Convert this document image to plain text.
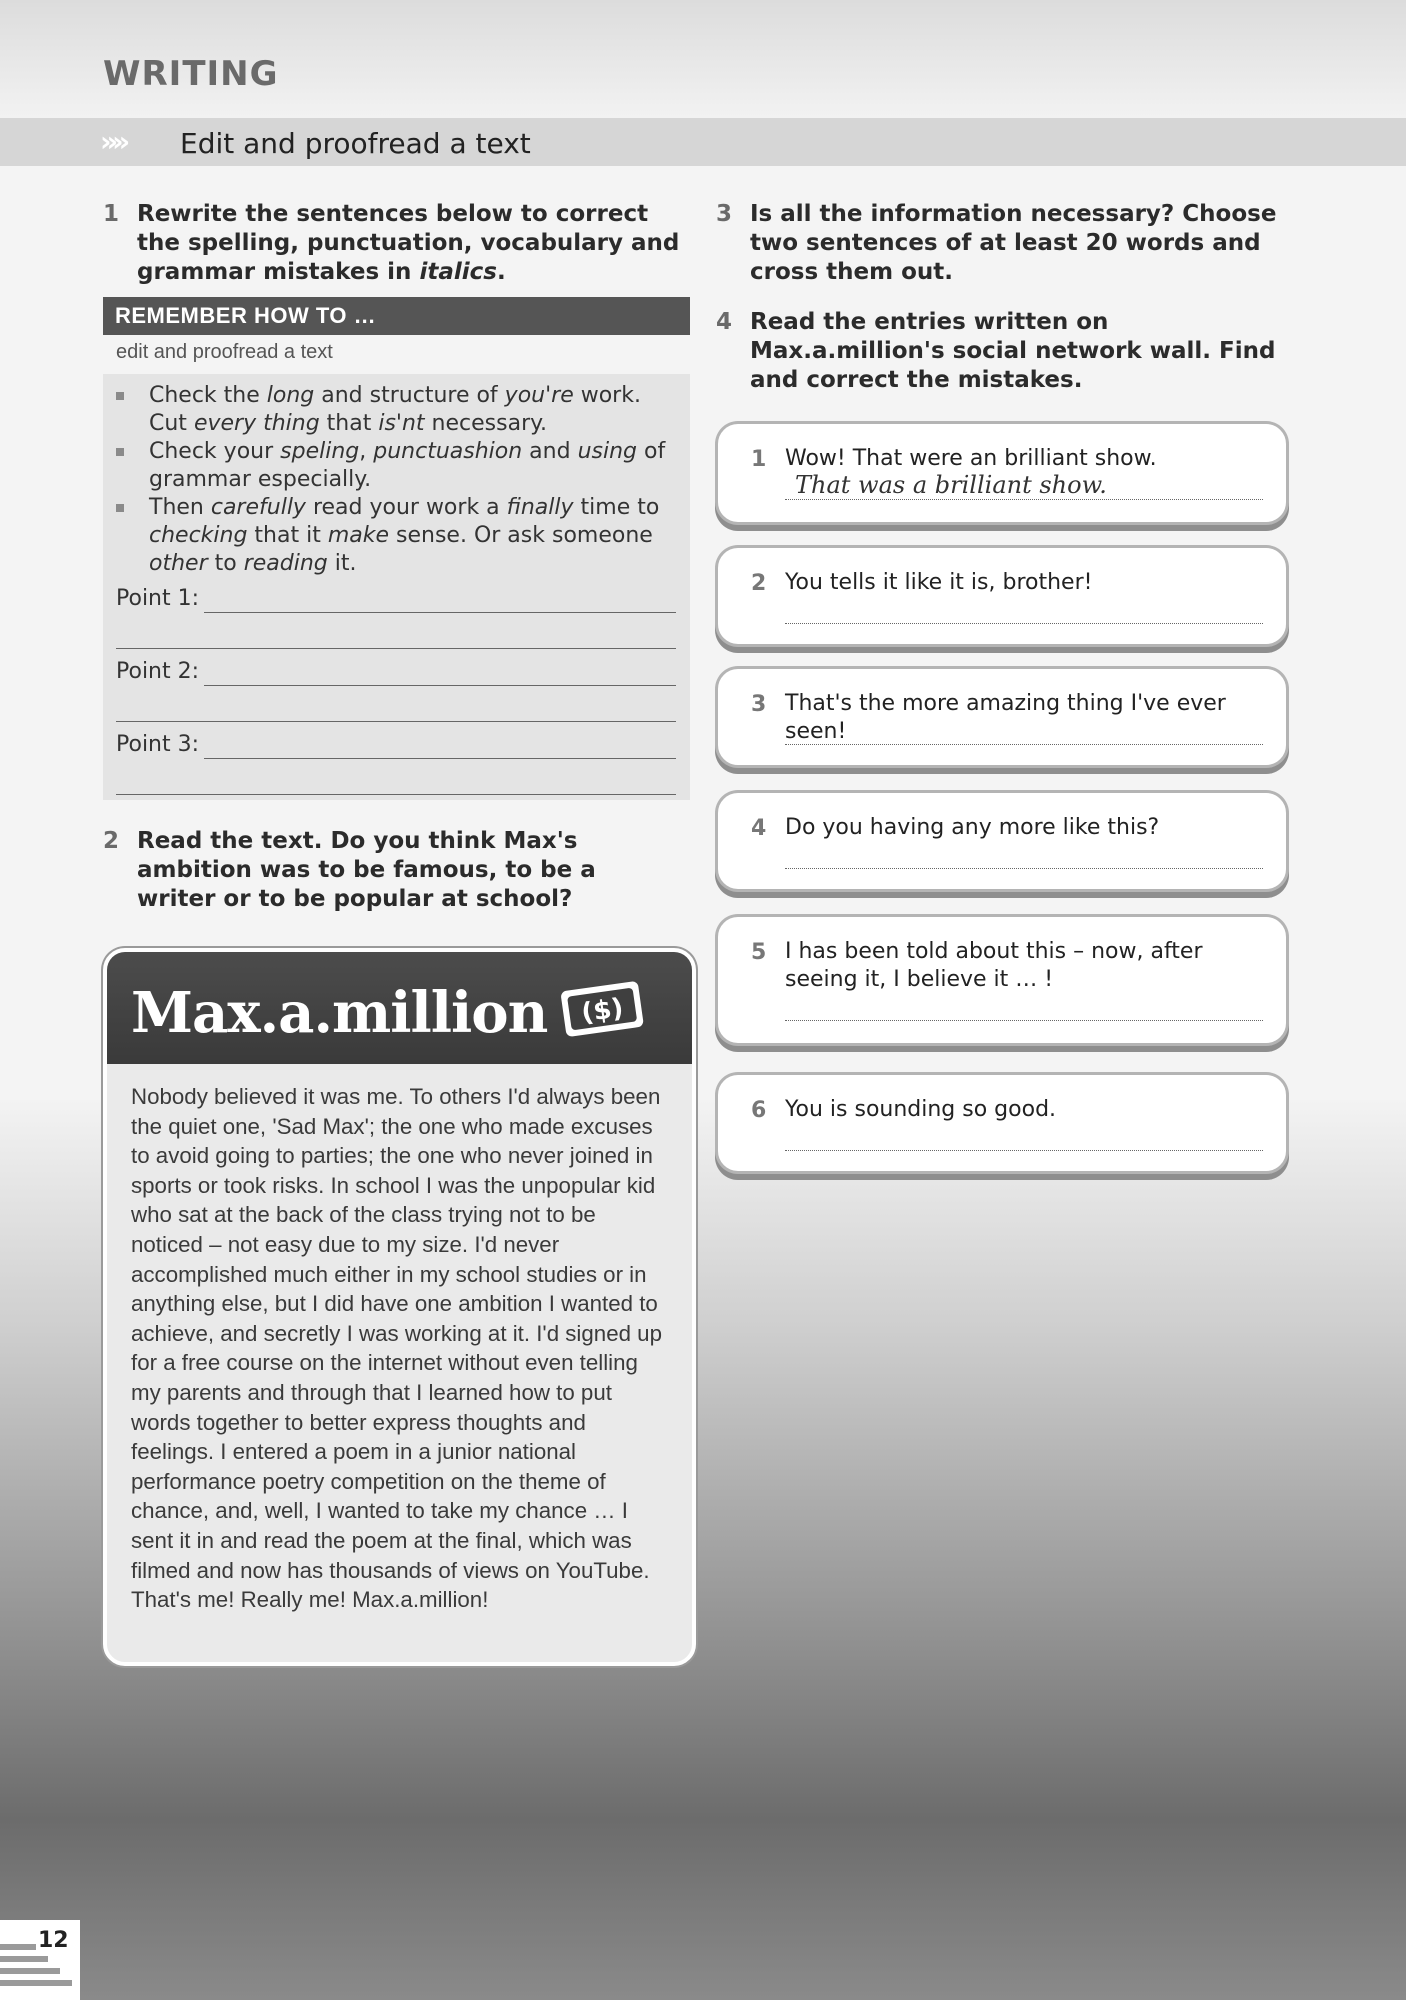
WRITING
»» Edit and proofread a text
1 Rewrite the sentences below to correct the spelling, punctuation, vocabulary and grammar mistakes in italics.
REMEMBER HOW TO …
edit and proofread a text
Check the long and structure of you're work. Cut every thing that is'nt necessary.
Check your speling, punctuashion and using of grammar especially.
Then carefully read your work a finally time to checking that it make sense. Or ask someone other to reading it.
Point 1:
Point 2:
Point 3:
2 Read the text. Do you think Max's ambition was to be famous, to be a writer or to be popular at school?
Max.a.million ($)
Nobody believed it was me. To others I'd always been the quiet one, 'Sad Max'; the one who made excuses to avoid going to parties; the one who never joined in sports or took risks. In school I was the unpopular kid who sat at the back of the class trying not to be noticed – not easy due to my size. I'd never accomplished much either in my school studies or in anything else, but I did have one ambition I wanted to achieve, and secretly I was working at it. I'd signed up for a free course on the internet without even telling my parents and through that I learned how to put words together to better express thoughts and feelings. I entered a poem in a junior national performance poetry competition on the theme of chance, and, well, I wanted to take my chance … I sent it in and read the poem at the final, which was filmed and now has thousands of views on YouTube. That's me! Really me! Max.a.million!
3 Is all the information necessary? Choose two sentences of at least 20 words and cross them out.
4 Read the entries written on Max.a.million's social network wall. Find and correct the mistakes.
1 Wow! That were an brilliant show.
That was a brilliant show.
2 You tells it like it is, brother!
3 That's the more amazing thing I've ever seen!
4 Do you having any more like this?
5 I has been told about this – now, after seeing it, I believe it … !
6 You is sounding so good.
12
